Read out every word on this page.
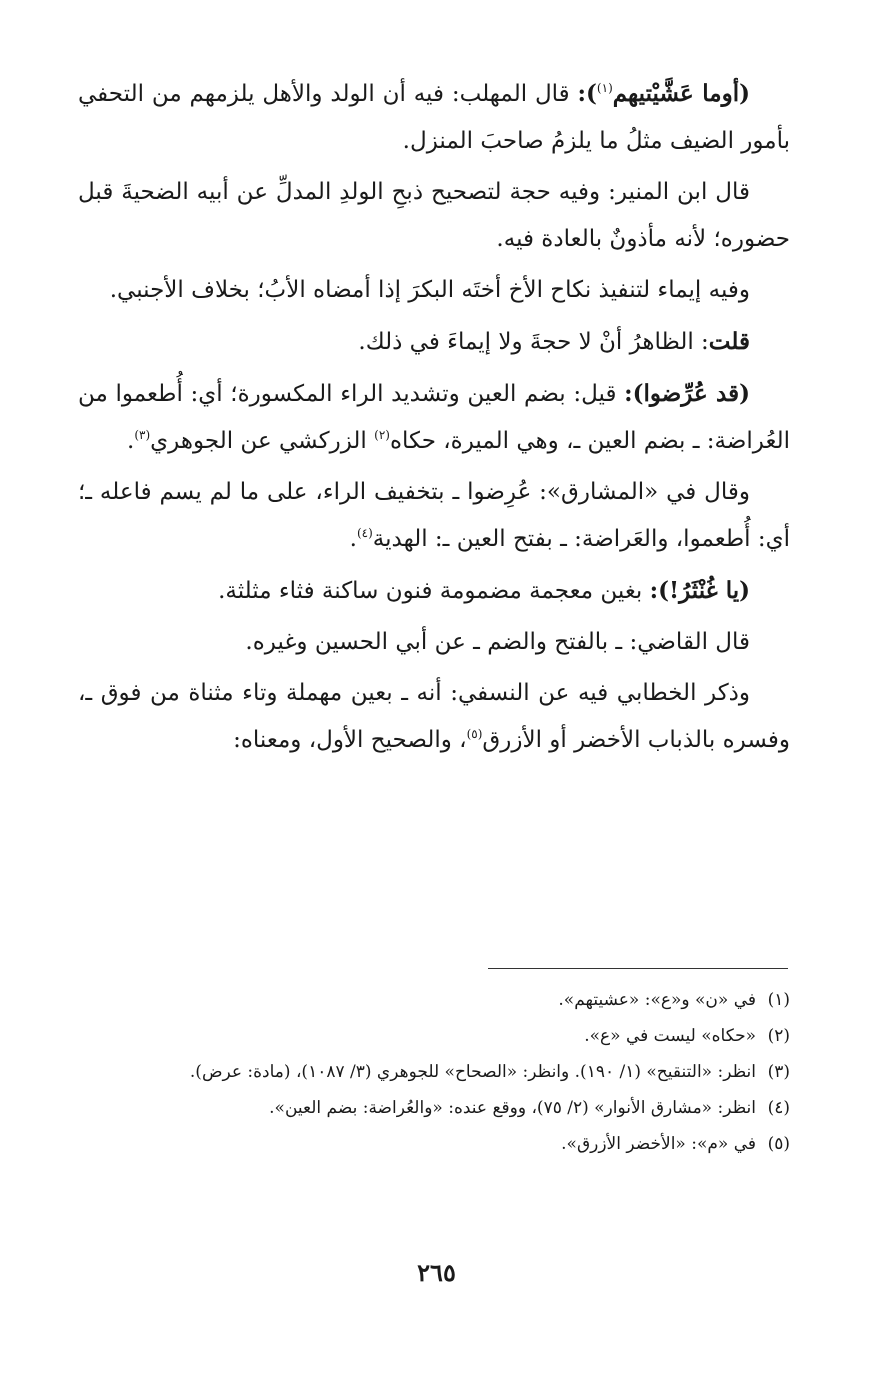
(أوما عَشَّيْتيهم$^{(١)}$): قال المهلب: فيه أن الولد والأهل يلزمهم من التحفي بأمور الضيف مثلُ ما يلزمُ صاحبَ المنزل.

قال ابن المنير: وفيه حجة لتصحيح ذبحِ الولدِ المدلِّ عن أبيه الضحيةَ قبل حضوره؛ لأنه مأذونٌ بالعادة فيه.

وفيه إيماء لتنفيذ نكاح الأخ أختَه البكرَ إذا أمضاه الأبُ؛ بخلاف الأجنبي.

قلت: الظاهرُ أنْ لا حجةَ ولا إيماءَ في ذلك.

(قد عُرِّضوا): قيل: بضم العين وتشديد الراء المكسورة؛ أي: أُطعموا من العُراضة: ـ بضم العين ـ، وهي الميرة، حكاه$^{(٢)}$ الزركشي عن الجوهري$^{(٣)}$.

وقال في «المشارق»: عُرِضوا ـ بتخفيف الراء، على ما لم يسم فاعله ـ؛ أي: أُطعموا، والعَراضة: ـ بفتح العين ـ: الهدية$^{(٤)}$.

(يا غُنْثَرُ!): بغين معجمة مضمومة فنون ساكنة فثاء مثلثة.

قال القاضي: ـ بالفتح والضم ـ عن أبي الحسين وغيره.

وذكر الخطابي فيه عن النسفي: أنه ـ بعين مهملة وتاء مثناة من فوق ـ، وفسره بالذباب الأخضر أو الأزرق$^{(٥)}$، والصحيح الأول، ومعناه:

(١)في «ن» و«ع»: «عشيتهم».

(٢)«حكاه» ليست في «ع».

(٣)انظر: «التنقيح» (١/ ١٩٠). وانظر: «الصحاح» للجوهري (٣/ ١٠٨٧)، (مادة: عرض).

(٤)انظر: «مشارق الأنوار» (٢/ ٧٥)، ووقع عنده: «والعُراضة: بضم العين».

(٥)في «م»: «الأخضر الأزرق».

٢٦٥
